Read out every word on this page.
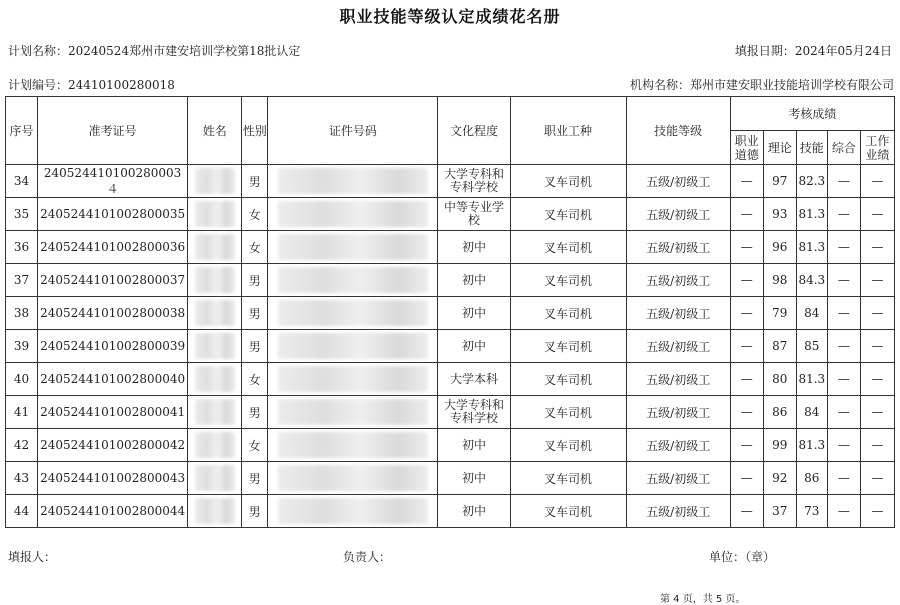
职业技能等级认定成绩花名册
计划名称：20240524郑州市建安培训学校第18批认定	填报日期：2024年05月24日
计划编号：24410100280018	机构名称：郑州市建安职业技能培训学校有限公司
序号	准考证号	姓名	性别	证件号码	文化程度	职业工种	技能等级	考核成绩				
								职业道德	理论	技能	综合	工作业绩
34	240524410100280003４		男		大学专科和专科学校	叉车司机	五级/初级工	—	97	82.3	—	—
35	2405244101002800035		女		中等专业学校	叉车司机	五级/初级工	—	93	81.3	—	—
36	2405244101002800036		女		初中	叉车司机	五级/初级工	—	96	81.3	—	—
37	2405244101002800037		男		初中	叉车司机	五级/初级工	—	98	84.3	—	—
38	2405244101002800038		男		初中	叉车司机	五级/初级工	—	79	84	—	—
39	2405244101002800039		男		初中	叉车司机	五级/初级工	—	87	85	—	—
40	2405244101002800040		女		大学本科	叉车司机	五级/初级工	—	80	81.3	—	—
41	2405244101002800041		男		大学专科和专科学校	叉车司机	五级/初级工	—	86	84	—	—
42	2405244101002800042		女		初中	叉车司机	五级/初级工	—	99	81.3	—	—
43	2405244101002800043		男		初中	叉车司机	五级/初级工	—	92	86	—	—
44	2405244101002800044		男		初中	叉车司机	五级/初级工	—	37	73	—	—
填报人：	负责人：	单位：（章）
第 4 页，共 5 页。
